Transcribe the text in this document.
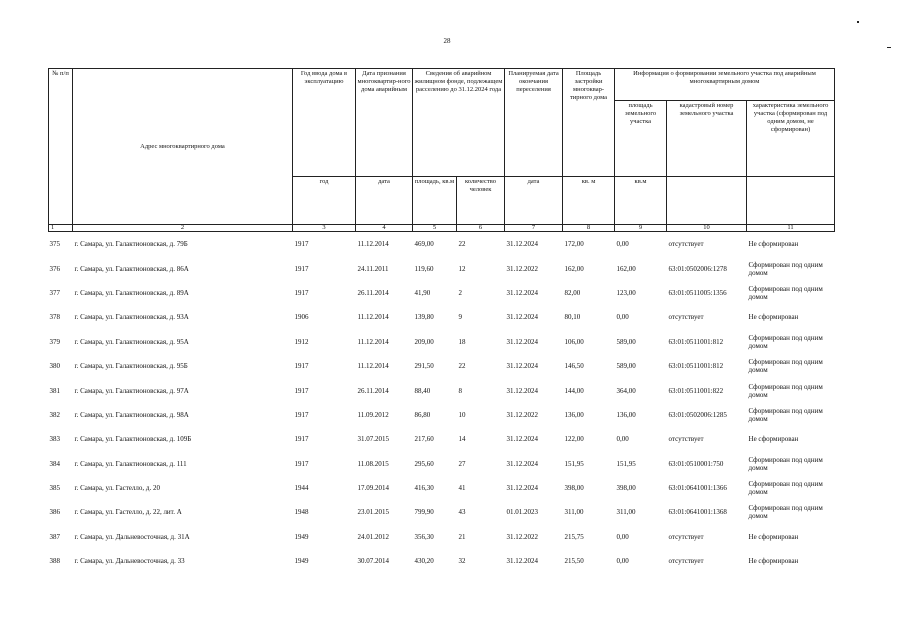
28
№ п/п	Адрес многоквартирного дома	Год ввода дома в эксплуатацию	Дата признания многоквартир-ного дома аварийным	Сведения об аварийном жилищном фонде, подлежащем расселению до 31.12.2024 года		Планируемая дата окончания переселения	Площадь застройки многоквар-тирного дома	Информация о формировании земельного участка под аварийным многоквартирным домом		
								площадь земельного участка	кадастровый номер земельного участка	характеристика земельного участка (сформирован под одним домом, не сформирован)
		год	дата	площадь, кв.м	количество человек	дата	кв. м	кв.м		
1	2	3	4	5	6	7	8	9	10	11
375	г. Самара, ул. Галактионовская, д. 79Б	1917	11.12.2014	469,00	22	31.12.2024	172,00	0,00	отсутствует	Не сформирован
376	г. Самара, ул. Галактионовская, д. 86А	1917	24.11.2011	119,60	12	31.12.2022	162,00	162,00	63:01:0502006:1278	Сформирован под одним домом
377	г. Самара, ул. Галактионовская, д. 89А	1917	26.11.2014	41,90	2	31.12.2024	82,00	123,00	63:01:0511005:1356	Сформирован под одним домом
378	г. Самара, ул. Галактионовская, д. 93А	1906	11.12.2014	139,80	9	31.12.2024	80,10	0,00	отсутствует	Не сформирован
379	г. Самара, ул. Галактионовская, д. 95А	1912	11.12.2014	209,00	18	31.12.2024	106,00	589,00	63:01:0511001:812	Сформирован под одним домом
380	г. Самара, ул. Галактионовская, д. 95Б	1917	11.12.2014	291,50	22	31.12.2024	146,50	589,00	63:01:0511001:812	Сформирован под одним домом
381	г. Самара, ул. Галактионовская, д. 97А	1917	26.11.2014	88,40	8	31.12.2024	144,00	364,00	63:01:0511001:822	Сформирован под одним домом
382	г. Самара, ул. Галактионовская, д. 98А	1917	11.09.2012	86,80	10	31.12.2022	136,00	136,00	63:01:0502006:1285	Сформирован под одним домом
383	г. Самара, ул. Галактионовская, д. 109Б	1917	31.07.2015	217,60	14	31.12.2024	122,00	0,00	отсутствует	Не сформирован
384	г. Самара, ул. Галактионовская, д. 111	1917	11.08.2015	295,60	27	31.12.2024	151,95	151,95	63:01:0510001:750	Сформирован под одним домом
385	г. Самара, ул. Гастелло, д. 20	1944	17.09.2014	416,30	41	31.12.2024	398,00	398,00	63:01:0641001:1366	Сформирован под одним домом
386	г. Самара, ул. Гастелло, д. 22, лит. А	1948	23.01.2015	799,90	43	01.01.2023	311,00	311,00	63:01:0641001:1368	Сформирован под одним домом
387	г. Самара, ул. Дальневосточная, д. 31А	1949	24.01.2012	356,30	21	31.12.2022	215,75	0,00	отсутствует	Не сформирован
388	г. Самара, ул. Дальневосточная, д. 33	1949	30.07.2014	430,20	32	31.12.2024	215,50	0,00	отсутствует	Не сформирован
